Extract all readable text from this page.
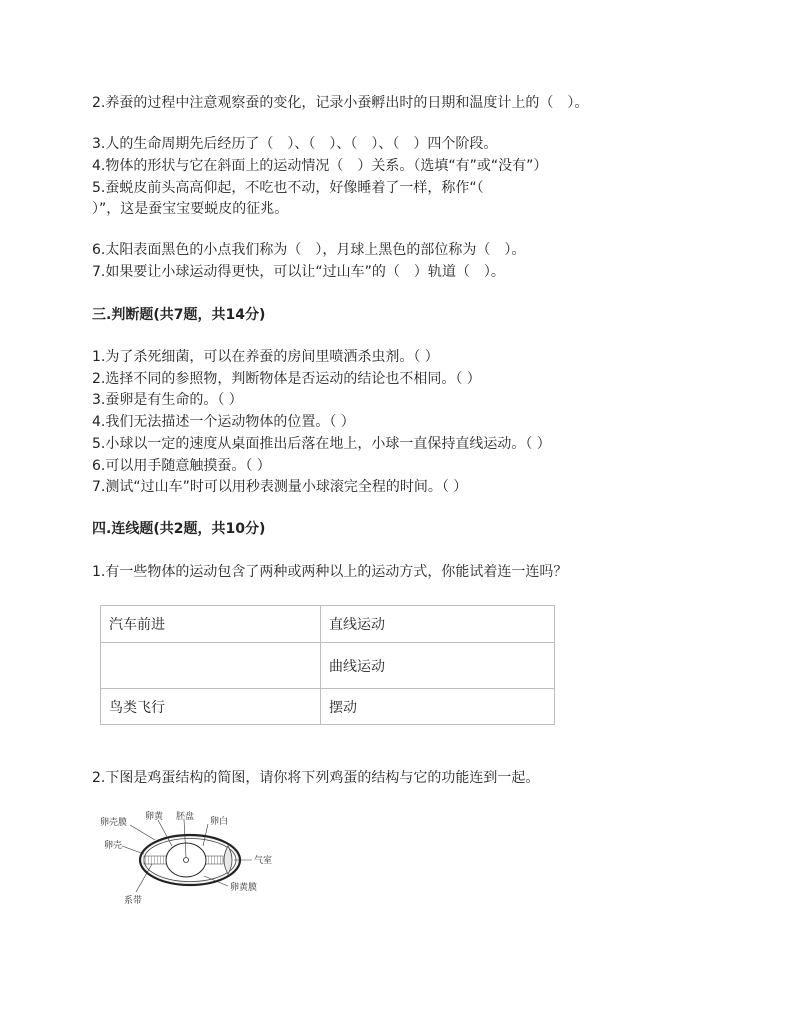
2.养蚕的过程中注意观察蚕的变化，记录小蚕孵出时的日期和温度计上的（　）。
3.人的生命周期先后经历了（　）、（　）、（　）、（　）四个阶段。
4.物体的形状与它在斜面上的运动情况（　）关系。（选填“有”或“没有”）
5.蚕蜕皮前头高高仰起，不吃也不动，好像睡着了一样，称作“（
）”，这是蚕宝宝要蜕皮的征兆。
6.太阳表面黑色的小点我们称为（　），月球上黑色的部位称为（　）。
7.如果要让小球运动得更快，可以让“过山车”的（　）轨道（　）。
三.判断题(共7题，共14分)
1.为了杀死细菌，可以在养蚕的房间里喷洒杀虫剂。（ ）
2.选择不同的参照物，判断物体是否运动的结论也不相同。（ ）
3.蚕卵是有生命的。（ ）
4.我们无法描述一个运动物体的位置。（ ）
5.小球以一定的速度从桌面推出后落在地上，小球一直保持直线运动。（ ）
6.可以用手随意触摸蚕。（ ）
7.测试“过山车”时可以用秒表测量小球滚完全程的时间。（ ）
四.连线题(共2题，共10分)
1.有一些物体的运动包含了两种或两种以上的运动方式，你能试着连一连吗？
汽车前进	直线运动
	曲线运动
鸟类飞行	摆动
2.下图是鸡蛋结构的简图，请你将下列鸡蛋的结构与它的功能连到一起。
卵壳膜
卵黄 胚盘 卵白
卵壳
气室
卵黄膜
系带
